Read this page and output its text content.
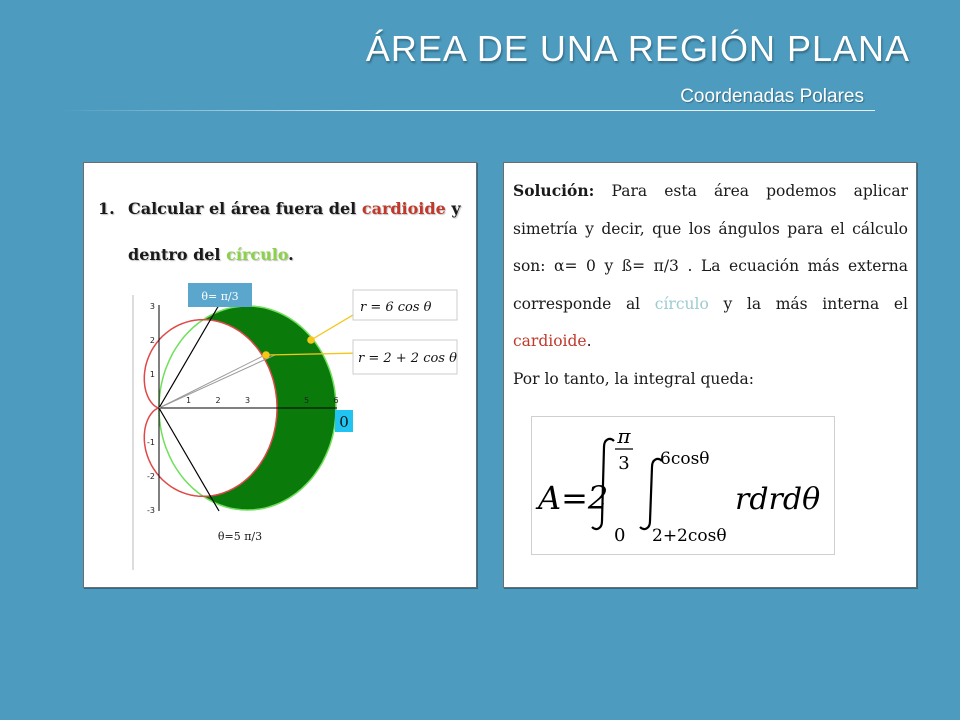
ÁREA DE UNA REGIÓN PLANA
Coordenadas Polares
1. Calcular el área fuera del cardioide y dentro del círculo.
1	2	3	5	6
3
2
1
-1
-2
-3
θ= π/3
θ=5 π/3
r = 6 cos θ
r = 2 + 2 cos θ
0
Solución: Para esta área podemos aplicar simetría y decir, que los ángulos para el cálculo son: α= 0 y ß= π/3 . La ecuación más externa corresponde al círculo y la más interna el cardioide.
Por lo tanto, la integral queda:
A=2
π
3
0
6cosθ
2+2cosθ
rdrdθ
